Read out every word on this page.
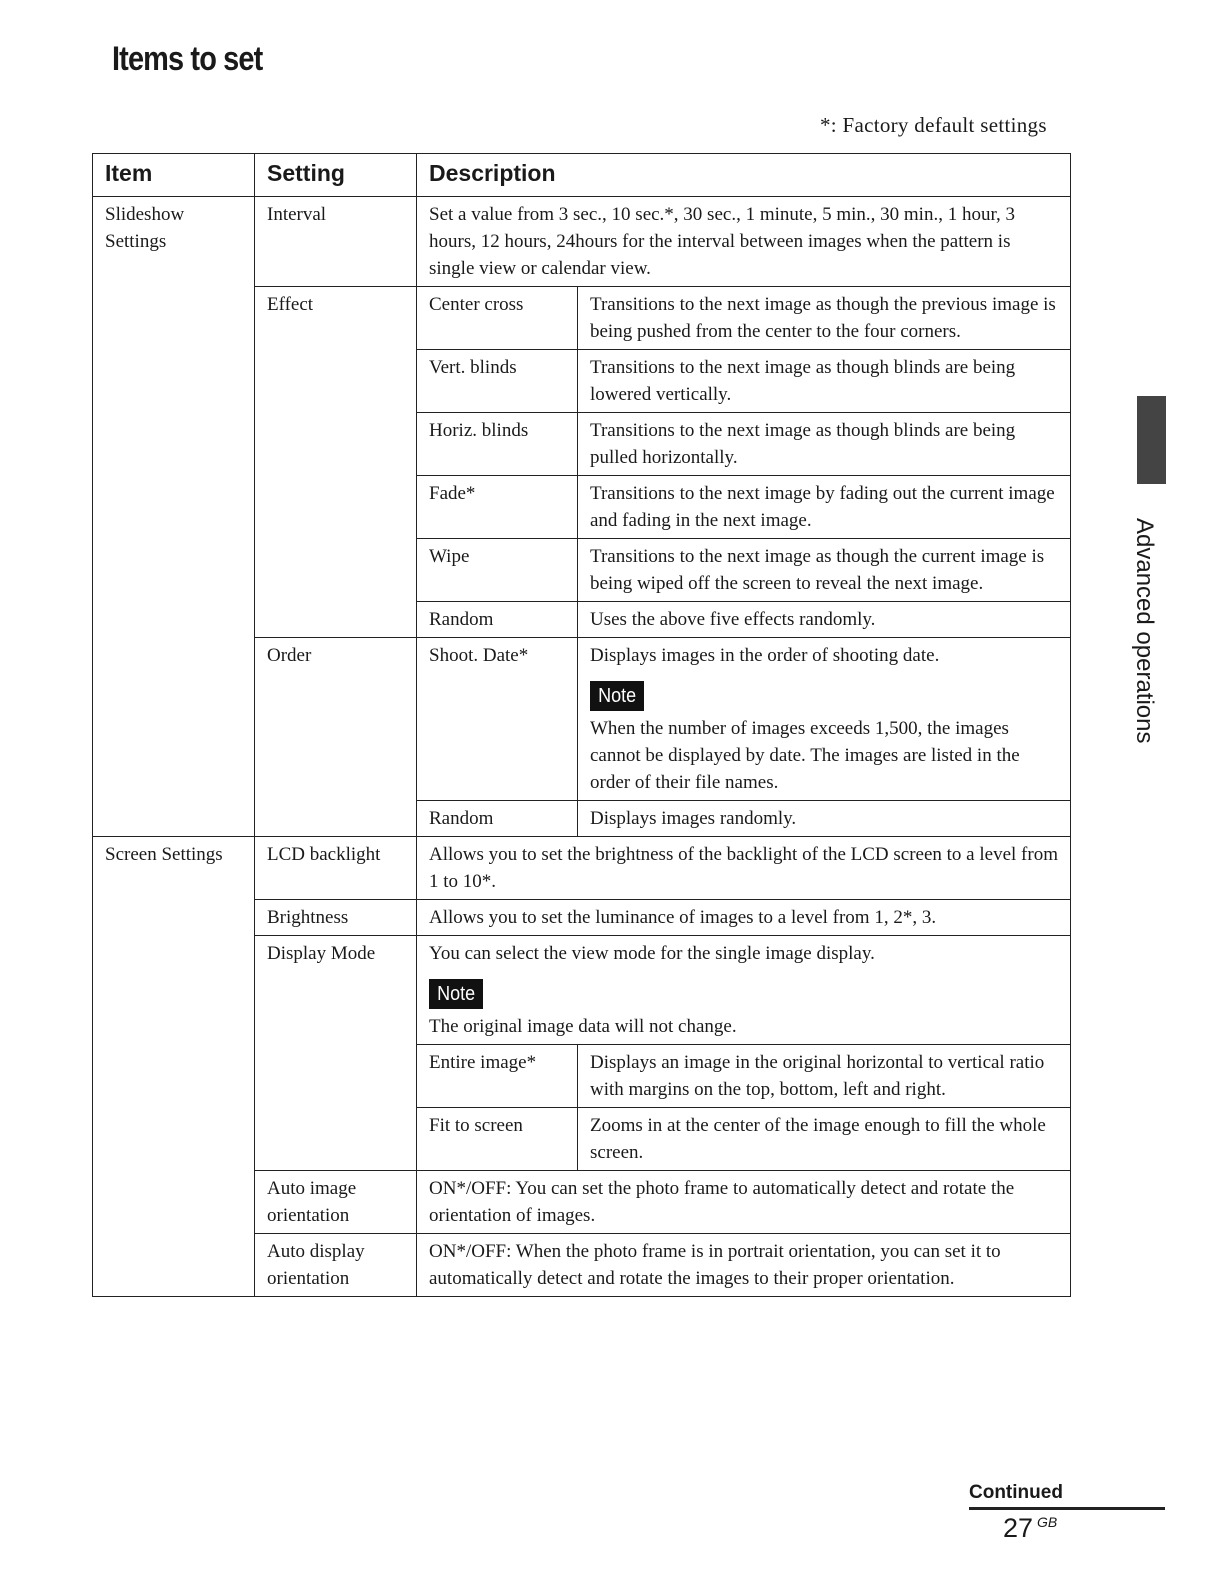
Items to set
*: Factory default settings
Item	Setting	Description	
Slideshow Settings	Interval	Set a value from 3 sec., 10 sec.*, 30 sec., 1 minute, 5 min., 30 min., 1 hour, 3 hours, 12 hours, 24hours for the interval between images when the pattern is single view or calendar view.	
	Effect	Center cross	Transitions to the next image as though the previous image is being pushed from the center to the four corners.
		Vert. blinds	Transitions to the next image as though blinds are being lowered vertically.
		Horiz. blinds	Transitions to the next image as though blinds are being pulled horizontally.
		Fade*	Transitions to the next image by fading out the current image and fading in the next image.
		Wipe	Transitions to the next image as though the current image is being wiped off the screen to reveal the next image.
		Random	Uses the above five effects randomly.
	Order	Shoot. Date*	Displays images in the order of shooting date.
Note
When the number of images exceeds 1,500, the images cannot be displayed by date. The images are listed in the order of their file names.

		Random	Displays images randomly.
Screen Settings	LCD backlight	Allows you to set the brightness of the backlight of the LCD screen to a level from 1 to 10*.	
	Brightness	Allows you to set the luminance of images to a level from 1, 2*, 3.	
	Display Mode	You can select the view mode for the single image display.
Note
The original image data will not change.	

		Entire image*	Displays an image in the original horizontal to vertical ratio with margins on the top, bottom, left and right.
		Fit to screen	Zooms in at the center of the image enough to fill the whole screen.
	Auto image orientation	ON*/OFF: You can set the photo frame to automatically detect and rotate the orientation of images.	
	Auto display orientation	ON*/OFF: When the photo frame is in portrait orientation, you can set it to automatically detect and rotate the images to their proper orientation.	
Advanced operations
Continued
27 $^{GB}$
